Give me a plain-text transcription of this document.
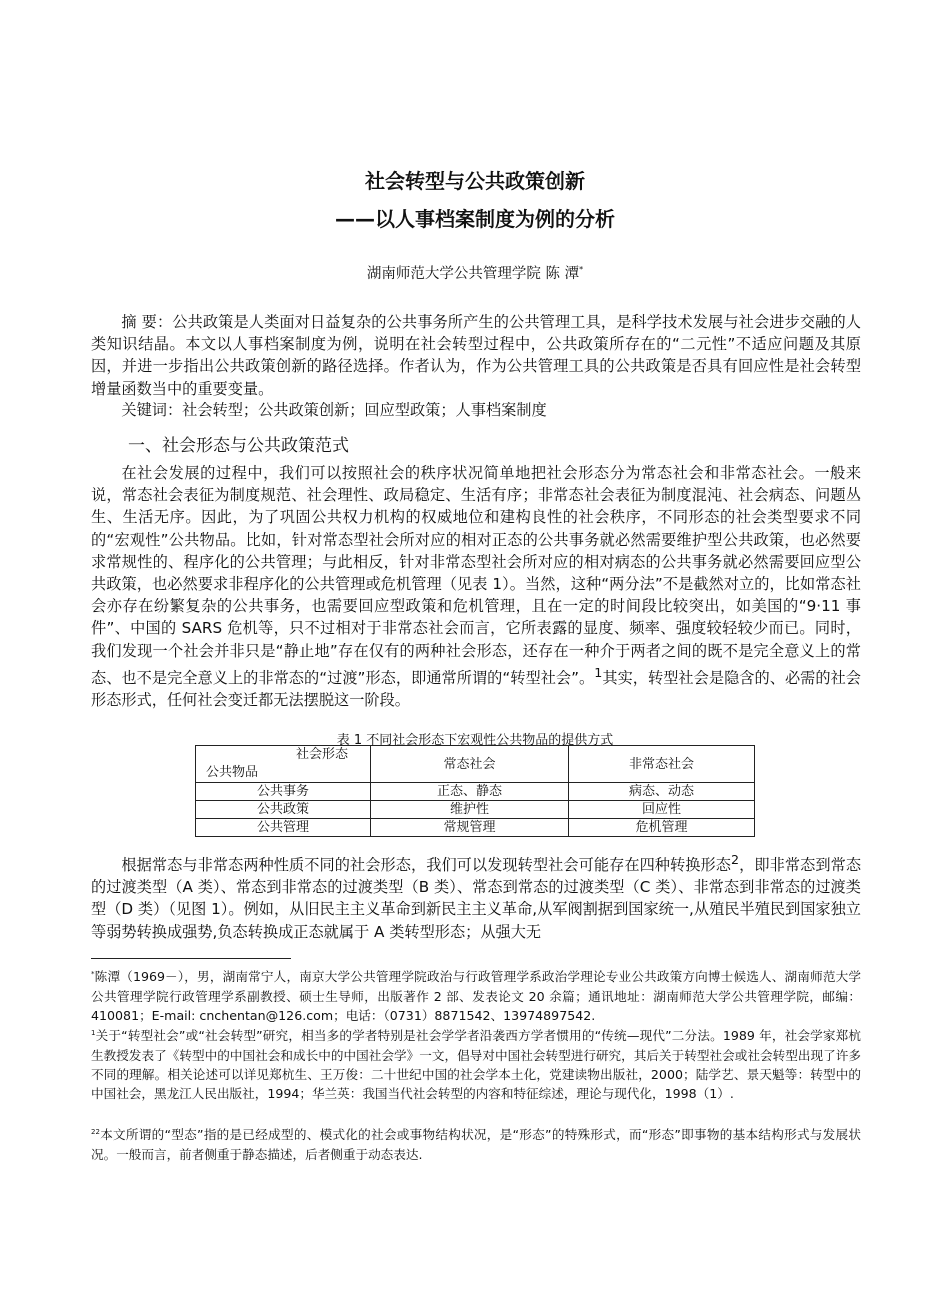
社会转型与公共政策创新
——以人事档案制度为例的分析
湖南师范大学公共管理学院 陈 潭*

摘 要：公共政策是人类面对日益复杂的公共事务所产生的公共管理工具，是科学技术发展与社会进步交融的人类知识结晶。本文以人事档案制度为例，说明在社会转型过程中，公共政策所存在的“二元性”不适应问题及其原因，并进一步指出公共政策创新的路径选择。作者认为，作为公共管理工具的公共政策是否具有回应性是社会转型增量函数当中的重要变量。

关键词：社会转型；公共政策创新；回应型政策；人事档案制度

一、社会形态与公共政策范式

在社会发展的过程中，我们可以按照社会的秩序状况简单地把社会形态分为常态社会和非常态社会。一般来说，常态社会表征为制度规范、社会理性、政局稳定、生活有序；非常态社会表征为制度混沌、社会病态、问题丛生、生活无序。因此，为了巩固公共权力机构的权威地位和建构良性的社会秩序，不同形态的社会类型要求不同的“宏观性”公共物品。比如，针对常态型社会所对应的相对正态的公共事务就必然需要维护型公共政策，也必然要求常规性的、程序化的公共管理；与此相反，针对非常态型社会所对应的相对病态的公共事务就必然需要回应型公共政策，也必然要求非程序化的公共管理或危机管理（见表 1）。当然，这种“两分法”不是截然对立的，比如常态社会亦存在纷繁复杂的公共事务，也需要回应型政策和危机管理，且在一定的时间段比较突出，如美国的“9·11 事件”、中国的 SARS 危机等，只不过相对于非常态社会而言，它所表露的显度、频率、强度较轻较少而已。同时，我们发现一个社会并非只是“静止地”存在仅有的两种社会形态，还存在一种介于两者之间的既不是完全意义上的常态、也不是完全意义上的非常态的“过渡”形态，即通常所谓的“转型社会”。$^1$其实，转型社会是隐含的、必需的社会形态形式，任何社会变迁都无法摆脱这一阶段。

表 1 不同社会形态下宏观性公共物品的提供方式
社会形态
公共物品	常态社会	非常态社会
公共事务	正态、静态	病态、动态
公共政策	维护性	回应性
公共管理	常规管理	危机管理

根据常态与非常态两种性质不同的社会形态，我们可以发现转型社会可能存在四种转换形态$^2$，即非常态到常态的过渡类型（A 类）、常态到非常态的过渡类型（B 类）、常态到常态的过渡类型（C 类）、非常态到非常态的过渡类型（D 类）（见图 1）。例如，从旧民主主义革命到新民主主义革命,从军阀割据到国家统一,从殖民半殖民到国家独立等弱势转换成强势,负态转换成正态就属于 A 类转型形态；从强大无

*陈潭（1969－），男，湖南常宁人，南京大学公共管理学院政治与行政管理学系政治学理论专业公共政策方向博士候选人、湖南师范大学公共管理学院行政管理学系副教授、硕士生导师，出版著作 2 部、发表论文 20 余篇；通讯地址：湖南师范大学公共管理学院，邮编：410081；E-mail: cnchentan@126.com；电话：（0731）8871542、13974897542.

$^1$关于“转型社会”或“社会转型”研究，相当多的学者特别是社会学学者沿袭西方学者惯用的“传统—现代”二分法。1989 年，社会学家郑杭生教授发表了《转型中的中国社会和成长中的中国社会学》一文，倡导对中国社会转型进行研究，其后关于转型社会或社会转型出现了许多不同的理解。相关论述可以详见郑杭生、王万俊：二十世纪中国的社会学本土化，党建读物出版社，2000；陆学艺、景天魁等：转型中的中国社会，黑龙江人民出版社，1994；华兰英：我国当代社会转型的内容和特征综述，理论与现代化，1998（1）.

$^{22}$本文所谓的“型态”指的是已经成型的、模式化的社会或事物结构状况，是“形态”的特殊形式，而“形态”即事物的基本结构形式与发展状况。一般而言，前者侧重于静态描述，后者侧重于动态表达.
